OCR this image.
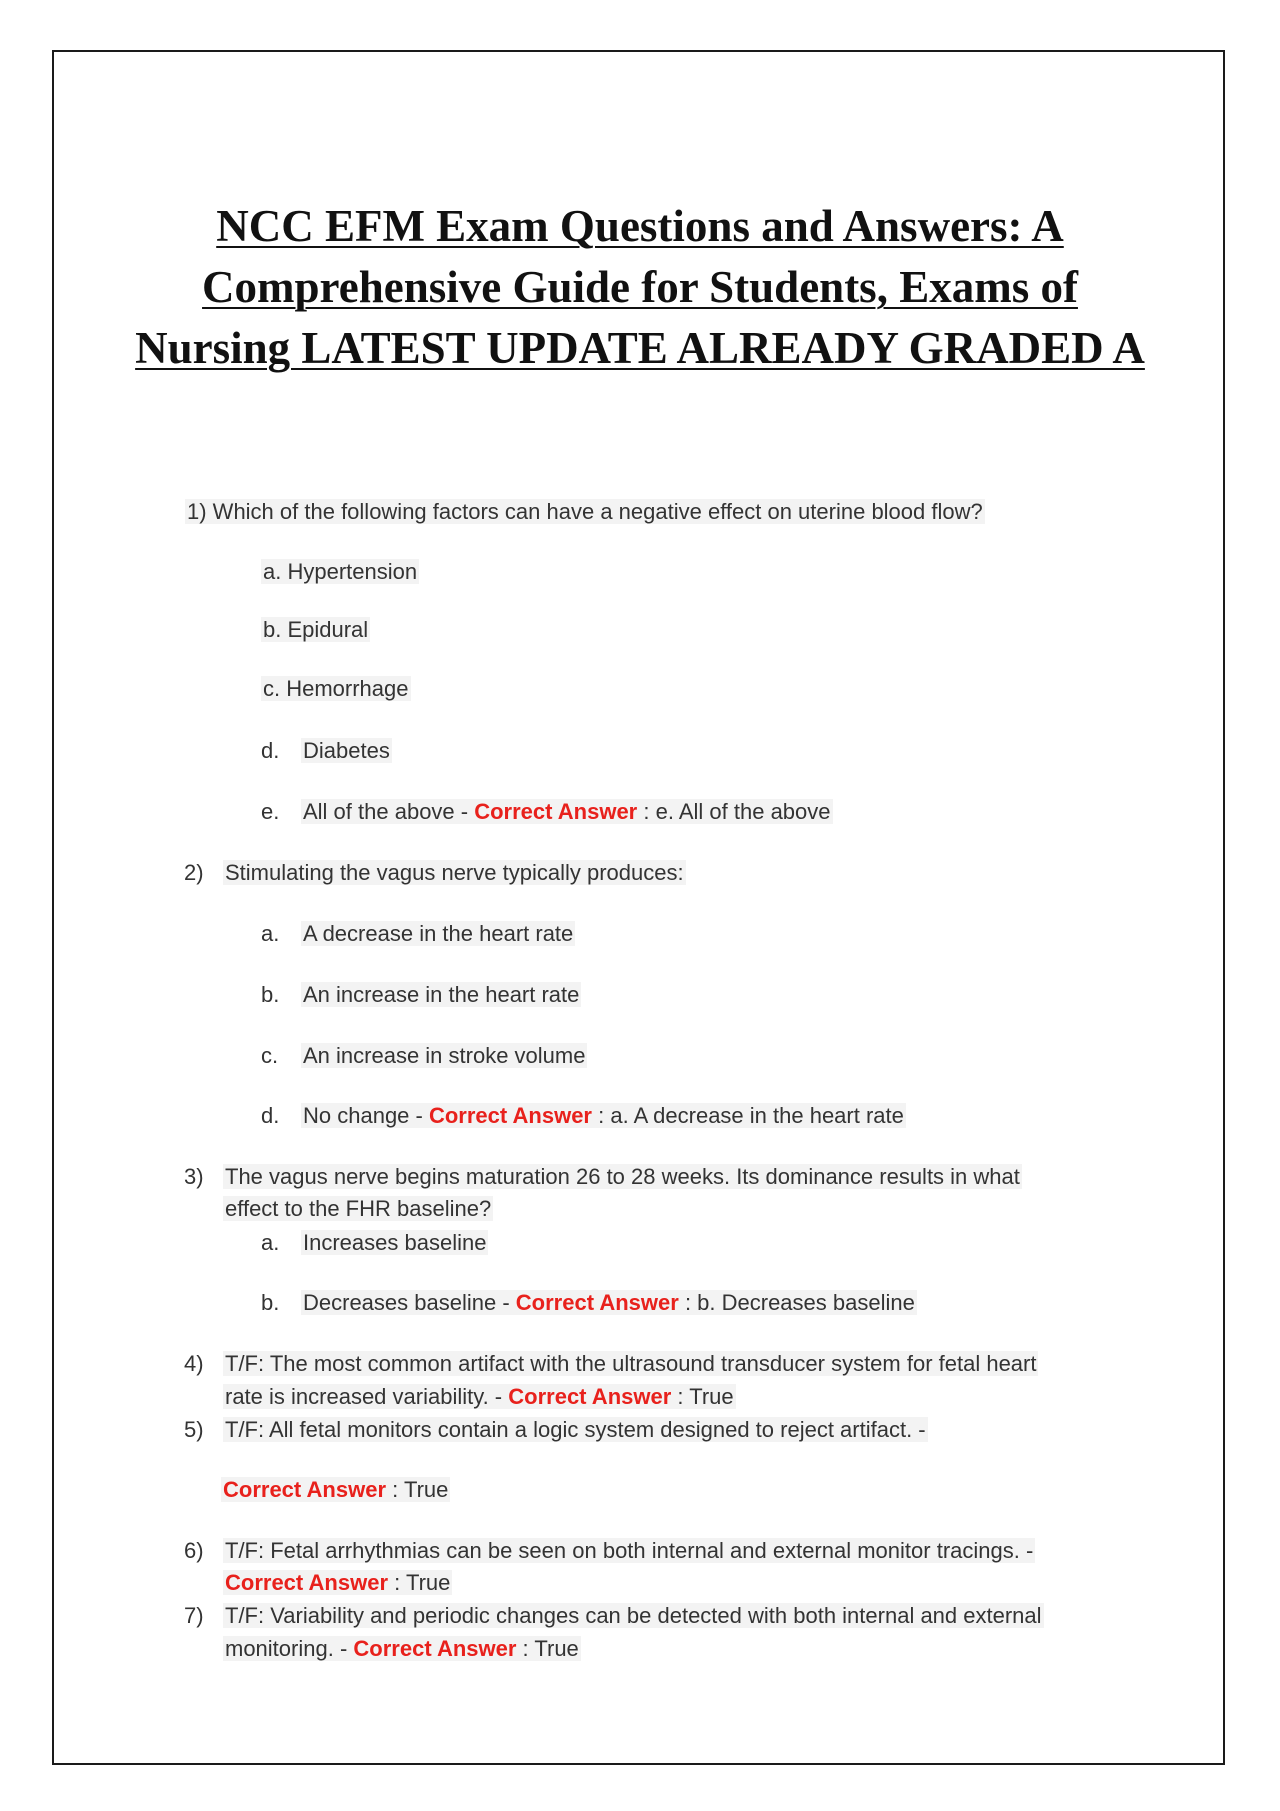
NCC EFM Exam Questions and Answers: A Comprehensive Guide for Students, Exams of Nursing LATEST UPDATE ALREADY GRADED A
1) Which of the following factors can have a negative effect on uterine blood flow?
a. Hypertension
b. Epidural
c. Hemorrhage
d. Diabetes
e. All of the above - Correct Answer : e. All of the above
2) Stimulating the vagus nerve typically produces:
a. A decrease in the heart rate
b. An increase in the heart rate
c. An increase in stroke volume
d. No change - Correct Answer : a. A decrease in the heart rate
3) The vagus nerve begins maturation 26 to 28 weeks. Its dominance results in what
effect to the FHR baseline?
a. Increases baseline
b. Decreases baseline - Correct Answer : b. Decreases baseline
4) T/F: The most common artifact with the ultrasound transducer system for fetal heart
rate is increased variability. - Correct Answer : True
5) T/F: All fetal monitors contain a logic system designed to reject artifact. -
Correct Answer : True
6) T/F: Fetal arrhythmias can be seen on both internal and external monitor tracings. -
Correct Answer : True
7) T/F: Variability and periodic changes can be detected with both internal and external
monitoring. - Correct Answer : True
